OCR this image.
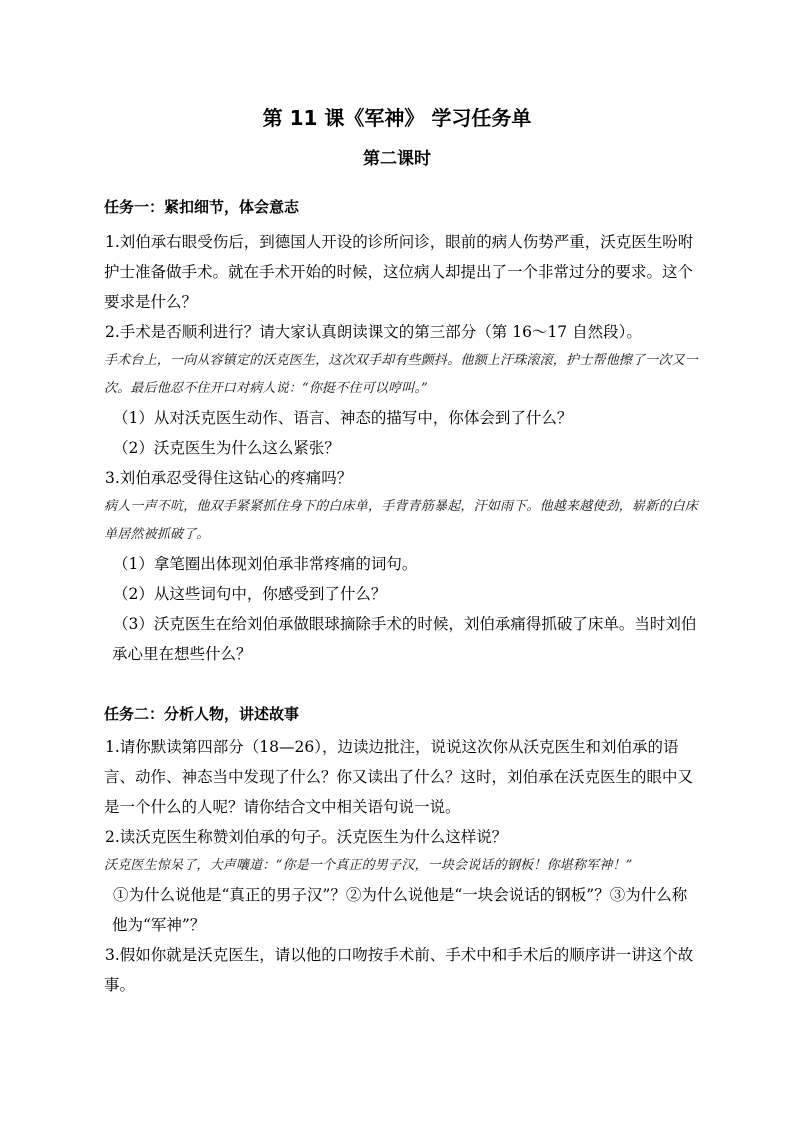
第 11 课《军神》 学习任务单
第二课时

任务一：紧扣细节，体会意志

1.刘伯承右眼受伤后，到德国人开设的诊所问诊，眼前的病人伤势严重，沃克医生吩咐护士准备做手术。就在手术开始的时候，这位病人却提出了一个非常过分的要求。这个要求是什么？

2.手术是否顺利进行？请大家认真朗读课文的第三部分（第 16～17 自然段）。

手术台上，一向从容镇定的沃克医生，这次双手却有些颤抖。他额上汗珠滚滚，护士帮他擦了一次又一次。最后他忍不住开口对病人说：“你挺不住可以哼叫。”

（1）从对沃克医生动作、语言、神态的描写中，你体会到了什么？

（2）沃克医生为什么这么紧张？

3.刘伯承忍受得住这钻心的疼痛吗？

病人一声不吭，他双手紧紧抓住身下的白床单，手背青筋暴起，汗如雨下。他越来越使劲，崭新的白床单居然被抓破了。

（1）拿笔圈出体现刘伯承非常疼痛的词句。

（2）从这些词句中，你感受到了什么？

（3）沃克医生在给刘伯承做眼球摘除手术的时候，刘伯承痛得抓破了床单。当时刘伯承心里在想些什么？

任务二：分析人物，讲述故事

1.请你默读第四部分（18—26），边读边批注，说说这次你从沃克医生和刘伯承的语言、动作、神态当中发现了什么？你又读出了什么？这时，刘伯承在沃克医生的眼中又是一个什么的人呢？请你结合文中相关语句说一说。

2.读沃克医生称赞刘伯承的句子。沃克医生为什么这样说？

沃克医生惊呆了，大声嚷道：“你是一个真正的男子汉，一块会说话的钢板！你堪称军神！”

①为什么说他是“真正的男子汉”？②为什么说他是“一块会说话的钢板”？③为什么称他为“军神”？

3.假如你就是沃克医生，请以他的口吻按手术前、手术中和手术后的顺序讲一讲这个故事。
